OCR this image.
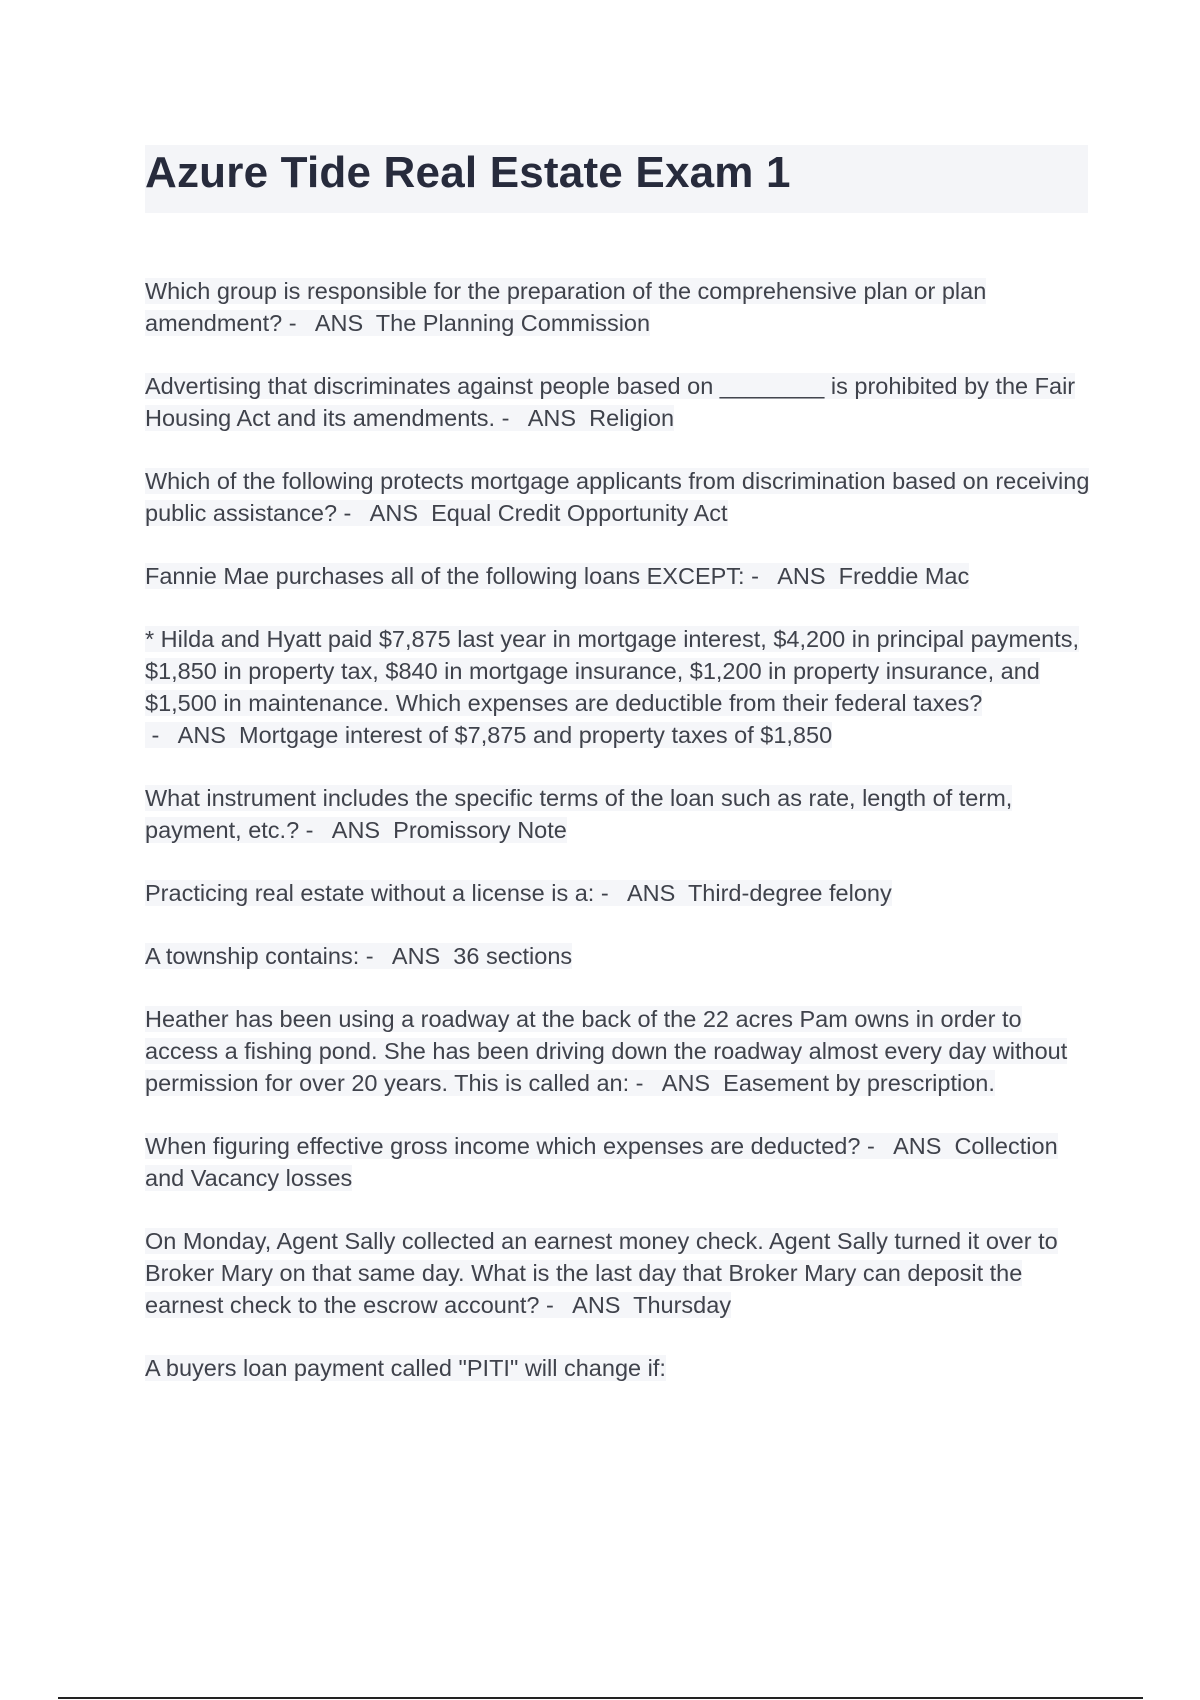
Azure Tide Real Estate Exam 1

Which group is responsible for the preparation of the comprehensive plan or plan amendment? -   ANS  The Planning Commission

Advertising that discriminates against people based on ________ is prohibited by the Fair Housing Act and its amendments. -   ANS  Religion

Which of the following protects mortgage applicants from discrimination based on receiving public assistance? -   ANS  Equal Credit Opportunity Act

Fannie Mae purchases all of the following loans EXCEPT: -   ANS  Freddie Mac

* Hilda and Hyatt paid $7,875 last year in mortgage interest, $4,200 in principal payments, $1,850 in property tax, $840 in mortgage insurance, $1,200 in property insurance, and $1,500 in maintenance. Which expenses are deductible from their federal taxes? -   ANS  Mortgage interest of $7,875 and property taxes of $1,850

What instrument includes the specific terms of the loan such as rate, length of term, payment, etc.? -   ANS  Promissory Note

Practicing real estate without a license is a: -   ANS  Third-degree felony

A township contains: -   ANS  36 sections

Heather has been using a roadway at the back of the 22 acres Pam owns in order to access a fishing pond. She has been driving down the roadway almost every day without permission for over 20 years. This is called an: -   ANS  Easement by prescription.

When figuring effective gross income which expenses are deducted? -   ANS  Collection and Vacancy losses

On Monday, Agent Sally collected an earnest money check. Agent Sally turned it over to Broker Mary on that same day. What is the last day that Broker Mary can deposit the earnest check to the escrow account? -   ANS  Thursday

A buyers loan payment called "PITI" will change if:
